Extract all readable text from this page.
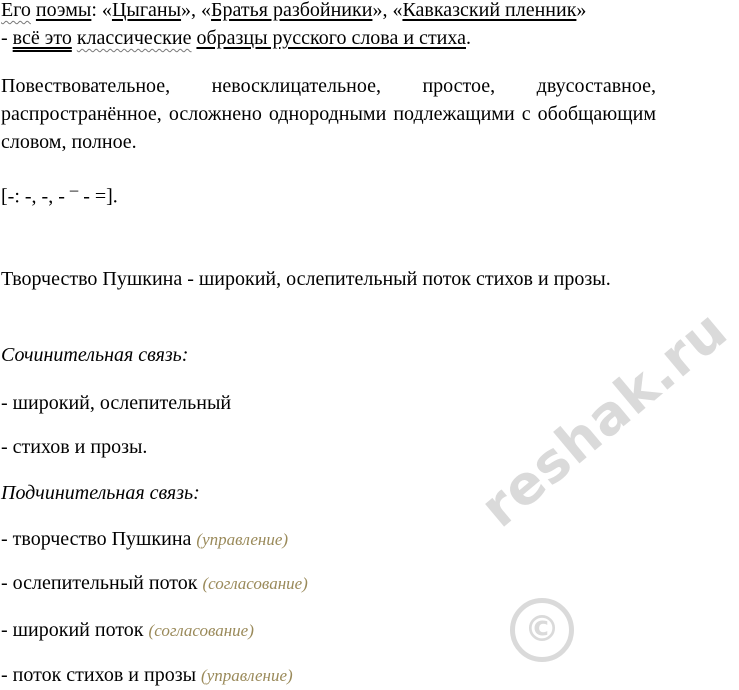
Его поэмы: «Цыганы», «Братья разбойники», «Кавказский пленник»

- всё это классические образцы русского слова и стиха.

Повествовательное, невосклицательное, простое, двусоставное, распространённое, осложнено однородными подлежащими с обобщающим словом, полное.

[-: -, -, - – - =].

Творчество Пушкина - широкий, ослепительный поток стихов и прозы.

Сочинительная связь:

- широкий, ослепительный

- стихов и прозы.

Подчинительная связь:

- творчество Пушкина (управление)

- ослепительный поток (согласование)

- широкий поток (согласование)

- поток стихов и прозы (управление)

reshak.ru
©
